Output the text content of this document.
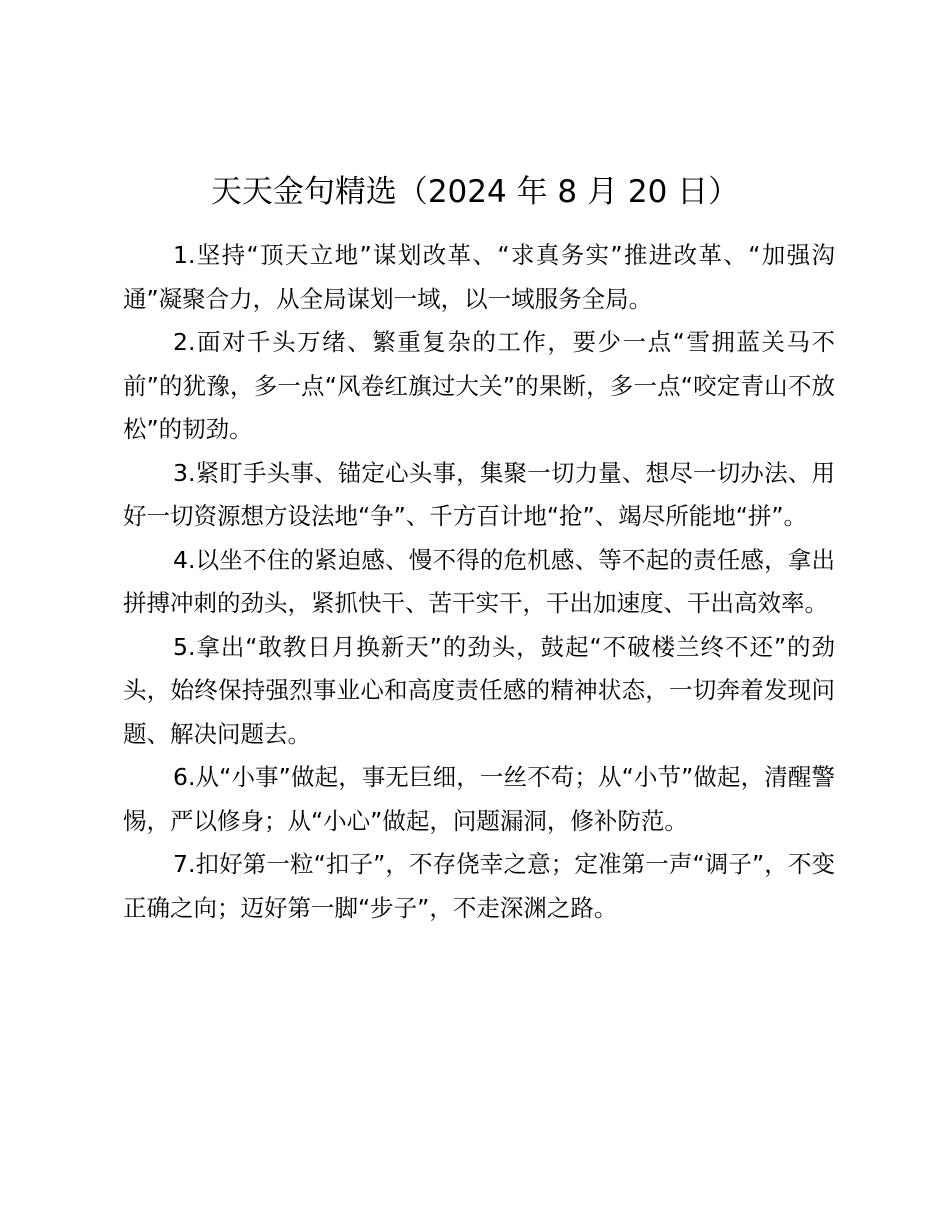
天天金句精选（2024 年 8 月 20 日）

1.坚持“顶天立地”谋划改革、“求真务实”推进改革、“加强沟通”凝聚合力，从全局谋划一域，以一域服务全局。

2.面对千头万绪、繁重复杂的工作，要少一点“雪拥蓝关马不前”的犹豫，多一点“风卷红旗过大关”的果断，多一点“咬定青山不放松”的韧劲。

3.紧盯手头事、锚定心头事，集聚一切力量、想尽一切办法、用好一切资源想方设法地“争”、千方百计地“抢”、竭尽所能地“拼”。

4.以坐不住的紧迫感、慢不得的危机感、等不起的责任感，拿出拼搏冲刺的劲头，紧抓快干、苦干实干，干出加速度、干出高效率。

5.拿出“敢教日月换新天”的劲头，鼓起“不破楼兰终不还”的劲头，始终保持强烈事业心和高度责任感的精神状态，一切奔着发现问题、解决问题去。

6.从“小事”做起，事无巨细，一丝不苟；从“小节”做起，清醒警惕，严以修身；从“小心”做起，问题漏洞，修补防范。

7.扣好第一粒“扣子”，不存侥幸之意；定准第一声“调子”，不变正确之向；迈好第一脚“步子”，不走深渊之路。
